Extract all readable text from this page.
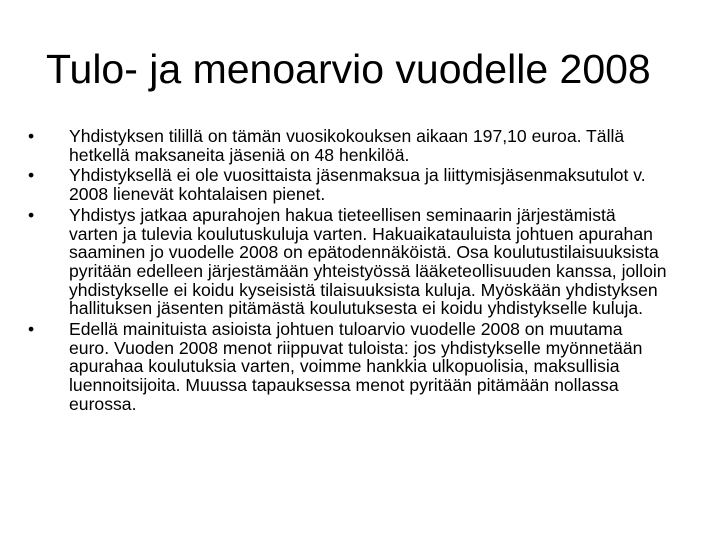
Tulo- ja menoarvio vuodelle 2008
•	Yhdistyksen tilillä on tämän vuosikokouksen aikaan 197,10 euroa. Tällä hetkellä maksaneita jäseniä on 48 henkilöä.
•	Yhdistyksellä ei ole vuosittaista jäsenmaksua ja liittymisjäsenmaksutulot v. 2008 lienevät kohtalaisen pienet.
•	Yhdistys jatkaa apurahojen hakua tieteellisen seminaarin järjestämistä varten ja tulevia koulutuskuluja varten. Hakuaikatauluista johtuen apurahan saaminen jo vuodelle 2008 on epätodennäköistä. Osa koulutustilaisuuksista pyritään edelleen järjestämään yhteistyössä lääketeollisuuden kanssa, jolloin yhdistykselle ei koidu kyseisistä tilaisuuksista kuluja. Myöskään yhdistyksen hallituksen jäsenten pitämästä koulutuksesta ei koidu yhdistykselle kuluja.
•	Edellä mainituista asioista johtuen tuloarvio vuodelle 2008 on muutama euro. Vuoden 2008 menot riippuvat tuloista: jos yhdistykselle myönnetään apurahaa koulutuksia varten, voimme hankkia ulkopuolisia, maksullisia luennoitsijoita. Muussa tapauksessa menot pyritään pitämään nollassa eurossa.
